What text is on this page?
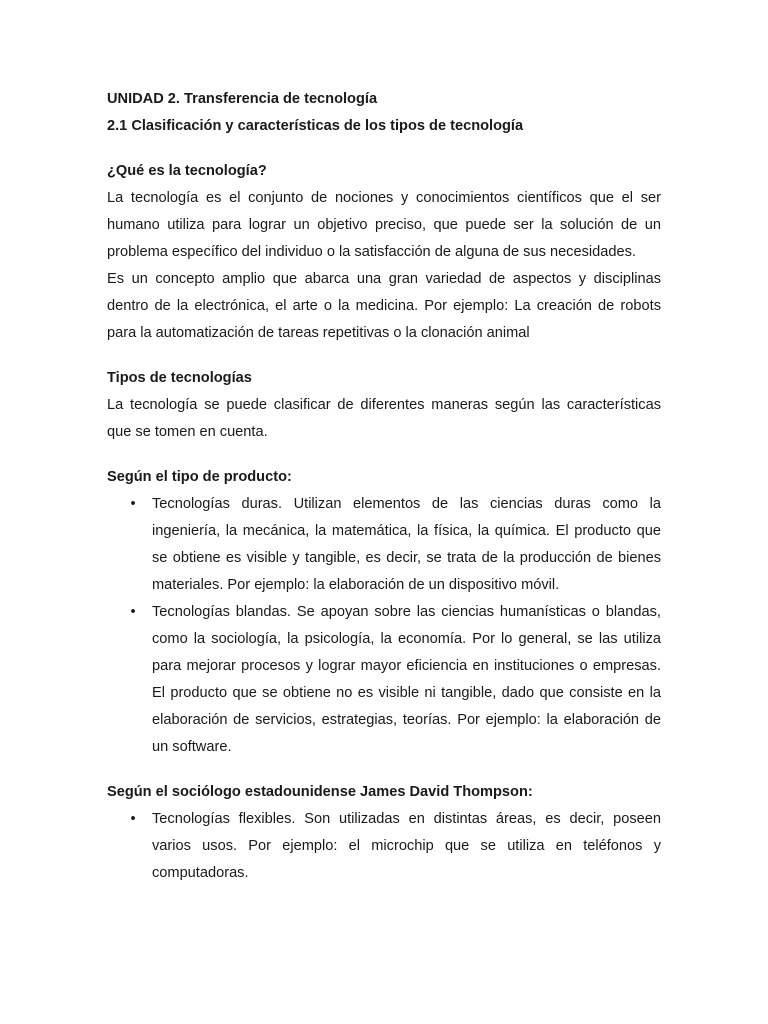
UNIDAD 2. Transferencia de tecnología

2.1 Clasificación y características de los tipos de tecnología

¿Qué es la tecnología?

La tecnología es el conjunto de nociones y conocimientos científicos que el ser humano utiliza para lograr un objetivo preciso, que puede ser la solución de un problema específico del individuo o la satisfacción de alguna de sus necesidades.

Es un concepto amplio que abarca una gran variedad de aspectos y disciplinas dentro de la electrónica, el arte o la medicina. Por ejemplo: La creación de robots para la automatización de tareas repetitivas o la clonación animal

Tipos de tecnologías

La tecnología se puede clasificar de diferentes maneras según las características que se tomen en cuenta.

Según el tipo de producto:

• Tecnologías duras. Utilizan elementos de las ciencias duras como la ingeniería, la mecánica, la matemática, la física, la química. El producto que se obtiene es visible y tangible, es decir, se trata de la producción de bienes materiales. Por ejemplo: la elaboración de un dispositivo móvil.
• Tecnologías blandas. Se apoyan sobre las ciencias humanísticas o blandas, como la sociología, la psicología, la economía. Por lo general, se las utiliza para mejorar procesos y lograr mayor eficiencia en instituciones o empresas. El producto que se obtiene no es visible ni tangible, dado que consiste en la elaboración de servicios, estrategias, teorías. Por ejemplo: la elaboración de un software.

Según el sociólogo estadounidense James David Thompson:

• Tecnologías flexibles. Son utilizadas en distintas áreas, es decir, poseen varios usos. Por ejemplo: el microchip que se utiliza en teléfonos y computadoras.
